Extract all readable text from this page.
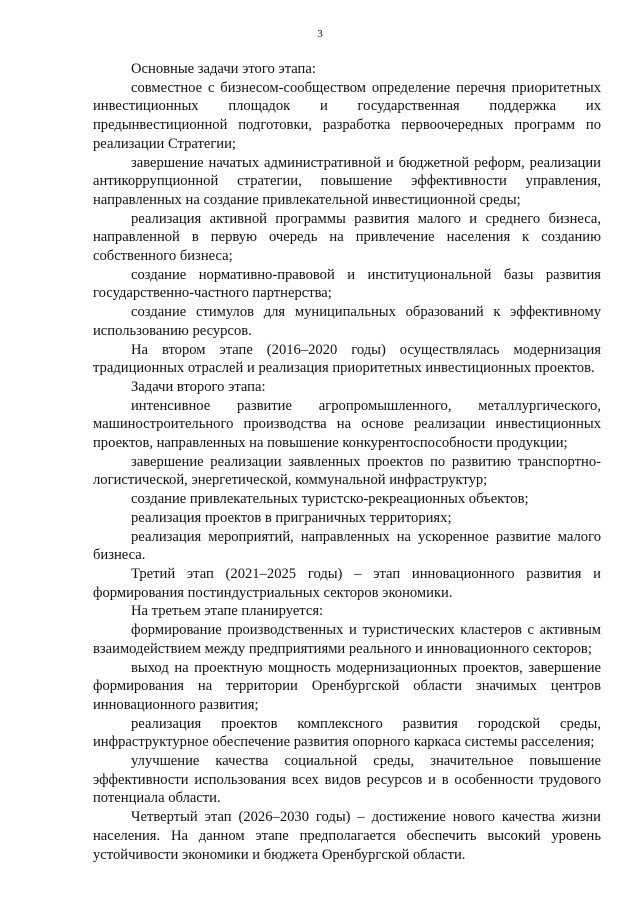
3

Основные задачи этого этапа:

совместное с бизнесом-сообществом определение перечня приоритетных инвестиционных площадок и государственная поддержка их предынвестиционной подготовки, разработка первоочередных программ по реализации Стратегии;

завершение начатых административной и бюджетной реформ, реализации антикоррупционной стратегии, повышение эффективности управления, направленных на создание привлекательной инвестиционной среды;

реализация активной программы развития малого и среднего бизнеса, направленной в первую очередь на привлечение населения к созданию собственного бизнеса;

создание нормативно-правовой и институциональной базы развития государственно-частного партнерства;

создание стимулов для муниципальных образований к эффективному использованию ресурсов.

На втором этапе (2016–2020 годы) осуществлялась модернизация традиционных отраслей и реализация приоритетных инвестиционных проектов.

Задачи второго этапа:

интенсивное развитие агропромышленного, металлургического, машиностроительного производства на основе реализации инвестиционных проектов, направленных на повышение конкурентоспособности продукции;

завершение реализации заявленных проектов по развитию транспортно-логистической, энергетической, коммунальной инфраструктур;

создание привлекательных туристско-рекреационных объектов;

реализация проектов в приграничных территориях;

реализация мероприятий, направленных на ускоренное развитие малого бизнеса.

Третий этап (2021–2025 годы) – этап инновационного развития и формирования постиндустриальных секторов экономики.

На третьем этапе планируется:

формирование производственных и туристических кластеров с активным взаимодействием между предприятиями реального и инновационного секторов;

выход на проектную мощность модернизационных проектов, завершение формирования на территории Оренбургской области значимых центров инновационного развития;

реализация проектов комплексного развития городской среды, инфраструктурное обеспечение развития опорного каркаса системы расселения;

улучшение качества социальной среды, значительное повышение эффективности использования всех видов ресурсов и в особенности трудового потенциала области.

Четвертый этап (2026–2030 годы) – достижение нового качества жизни населения. На данном этапе предполагается обеспечить высокий уровень устойчивости экономики и бюджета Оренбургской области.
